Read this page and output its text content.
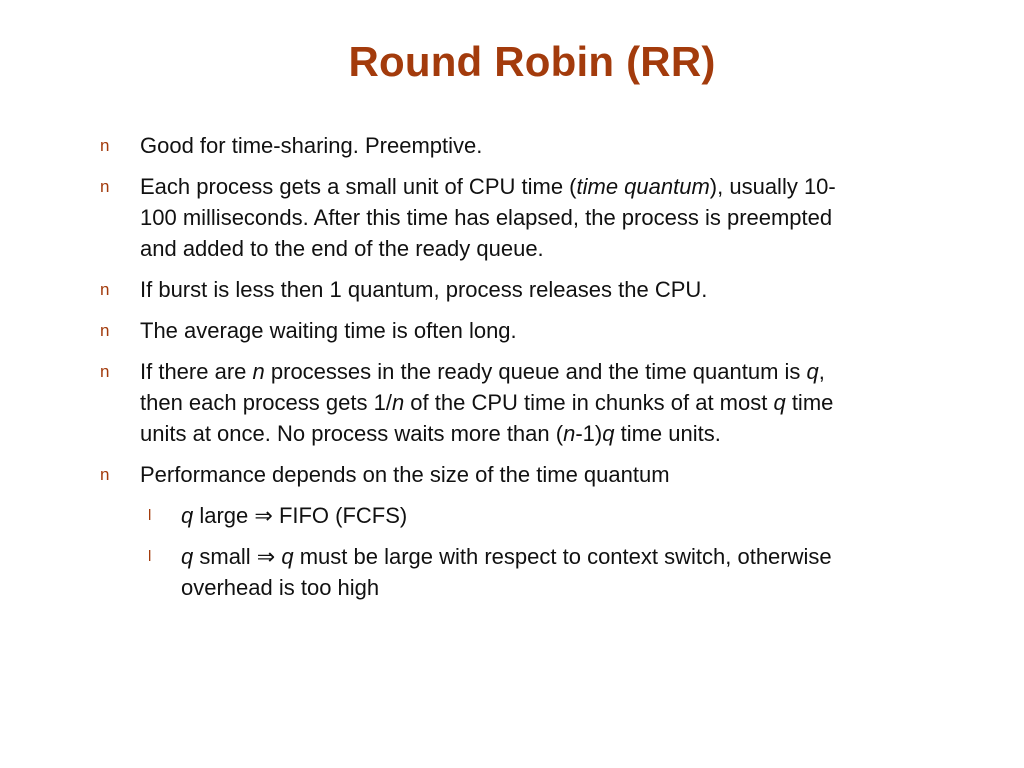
Round Robin (RR)
n	Good for time-sharing. Preemptive.
n	Each process gets a small unit of CPU time (time quantum), usually 10-100 milliseconds. After this time has elapsed, the process is preempted and added to the end of the ready queue.
n	If burst is less then 1 quantum, process releases the CPU.
n	The average waiting time is often long.
n	If there are n processes in the ready queue and the time quantum is q, then each process gets 1/n of the CPU time in chunks of at most q time units at once. No process waits more than (n-1)q time units.
n	Performance depends on the size of the time quantum
l	q large ⇒ FIFO (FCFS)
l	q small ⇒ q must be large with respect to context switch, otherwise overhead is too high
